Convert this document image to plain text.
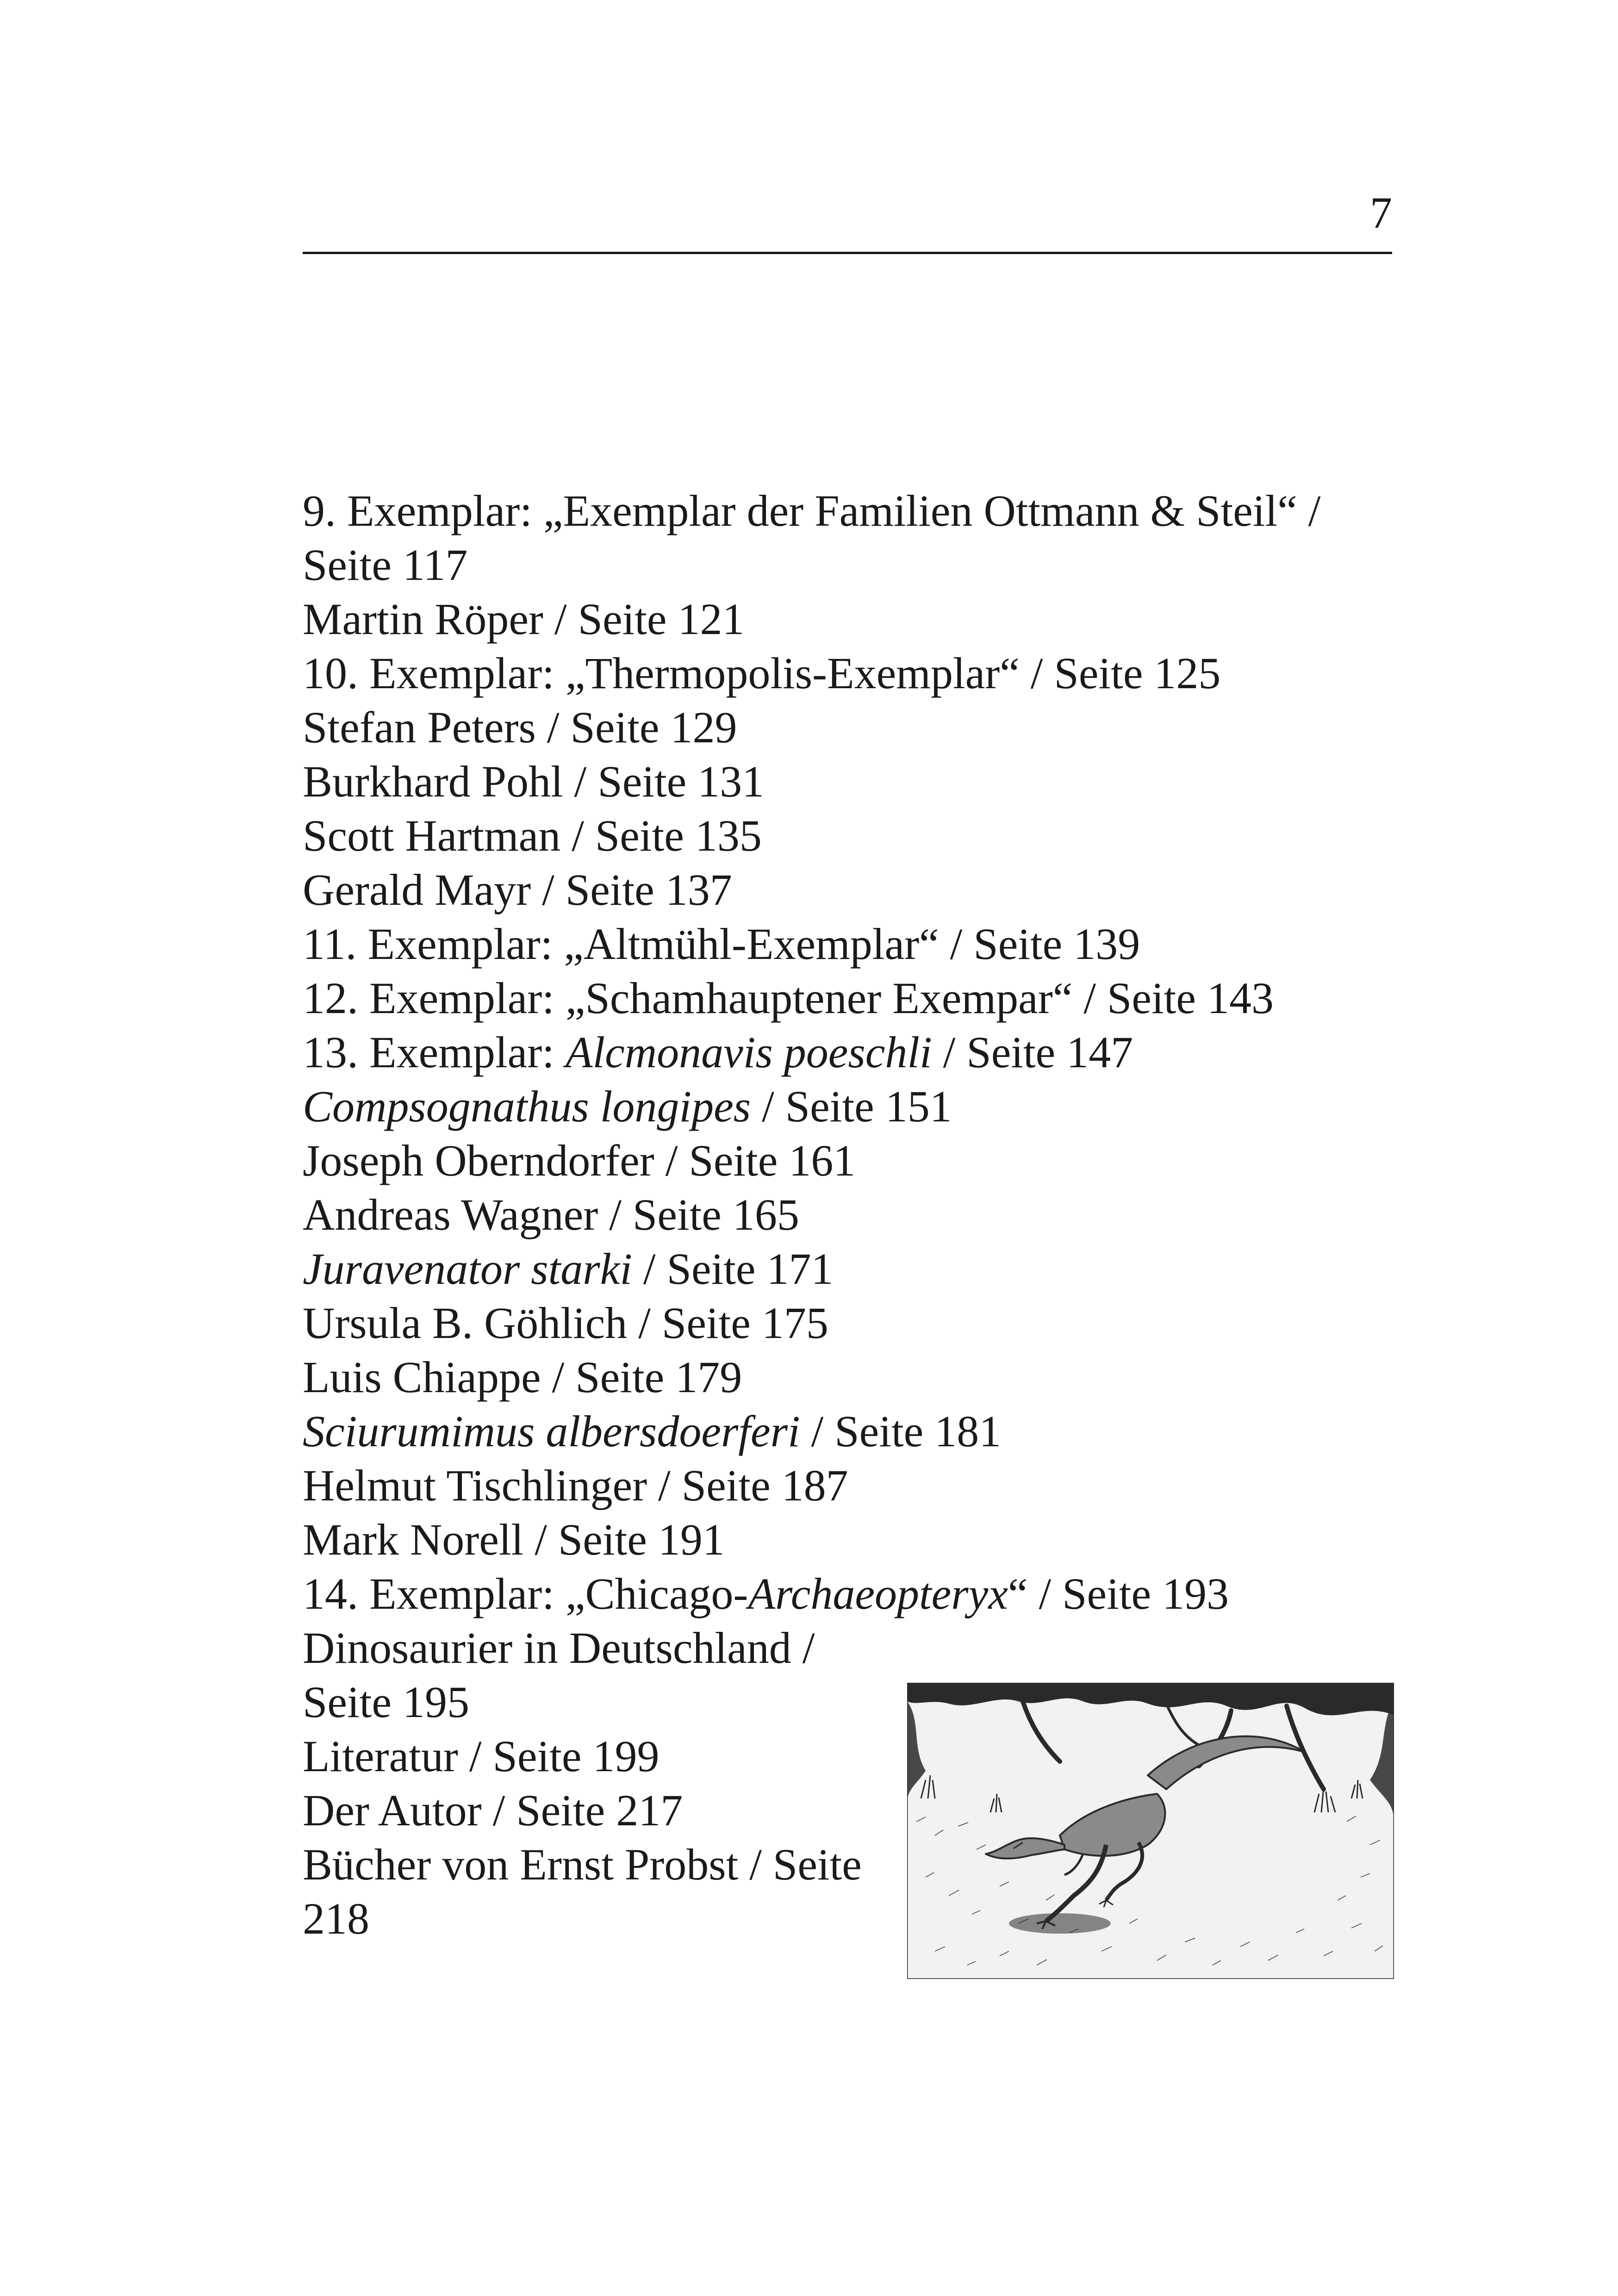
7
9. Exemplar: „Exemplar der Familien Ottmann & Steil“ / Seite 117
Martin Röper / Seite 121
10. Exemplar: „Thermopolis-Exemplar“ / Seite 125
Stefan Peters / Seite 129
Burkhard Pohl / Seite 131
Scott Hartman / Seite 135
Gerald Mayr / Seite 137
11. Exemplar: „Altmühl-Exemplar“ / Seite 139
12. Exemplar: „Schamhauptener Exempar“ / Seite 143
13. Exemplar: Alcmonavis poeschli / Seite 147
Compsognathus longipes / Seite 151
Joseph Oberndorfer / Seite 161
Andreas Wagner / Seite 165
Juravenator starki / Seite 171
Ursula B. Göhlich / Seite 175
Luis Chiappe / Seite 179
Sciurumimus albersdoerferi / Seite 181
Helmut Tischlinger / Seite 187
Mark Norell / Seite 191
14. Exemplar: „Chicago-Archaeopteryx“ / Seite 193
Dinosaurier in Deutschland / Seite 195
Literatur / Seite 199
Der Autor / Seite 217
Bücher von Ernst Probst / Seite 218
